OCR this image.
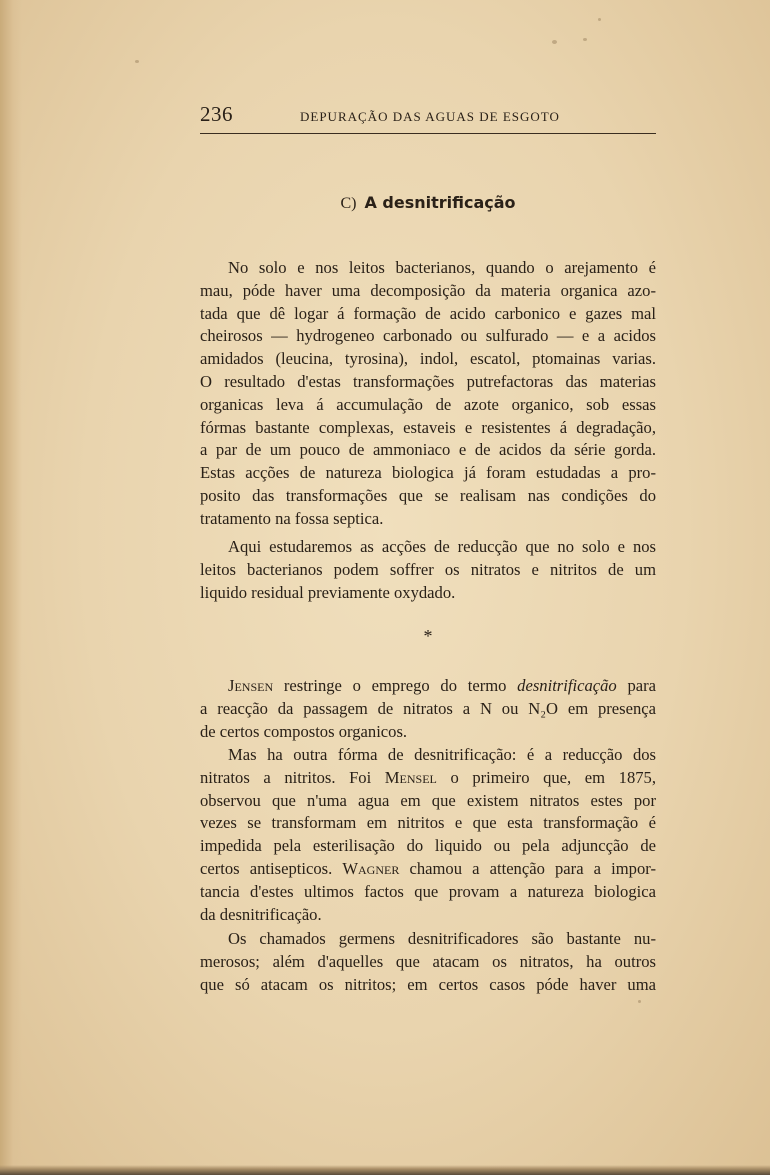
236	DEPURAÇÃO DAS AGUAS DE ESGOTO
C) A desnitrificação
No solo e nos leitos bacterianos, quando o arejamento é
mau, póde haver uma decomposição da materia organica azo-
tada que dê logar á formação de acido carbonico e gazes mal
cheirosos — hydrogeneo carbonado ou sulfurado — e a acidos
amidados (leucina, tyrosina), indol, escatol, ptomainas varias.
O resultado d'estas transformações putrefactoras das materias
organicas leva á accumulação de azote organico, sob essas
fórmas bastante complexas, estaveis e resistentes á degradação,
a par de um pouco de ammoniaco e de acidos da série gorda.
Estas acções de natureza biologica já foram estudadas a pro-
posito das transformações que se realisam nas condições do
tratamento na fossa septica.
Aqui estudaremos as acções de reducção que no solo e nos
leitos bacterianos podem soffrer os nitratos e nitritos de um
liquido residual previamente oxydado.
*
Jensen restringe o emprego do termo desnitrificação para
a reacção da passagem de nitratos a N ou N₂O em presença
de certos compostos organicos.
Mas ha outra fórma de desnitrificação: é a reducção dos
nitratos a nitritos. Foi Mensel o primeiro que, em 1875,
observou que n'uma agua em que existem nitratos estes por
vezes se transformam em nitritos e que esta transformação é
impedida pela esterilisação do liquido ou pela adjuncção de
certos antisepticos. Wagner chamou a attenção para a impor-
tancia d'estes ultimos factos que provam a natureza biologica
da desnitrificação.
Os chamados germens desnitrificadores são bastante nu-
merosos; além d'aquelles que atacam os nitratos, ha outros
que só atacam os nitritos; em certos casos póde haver uma
